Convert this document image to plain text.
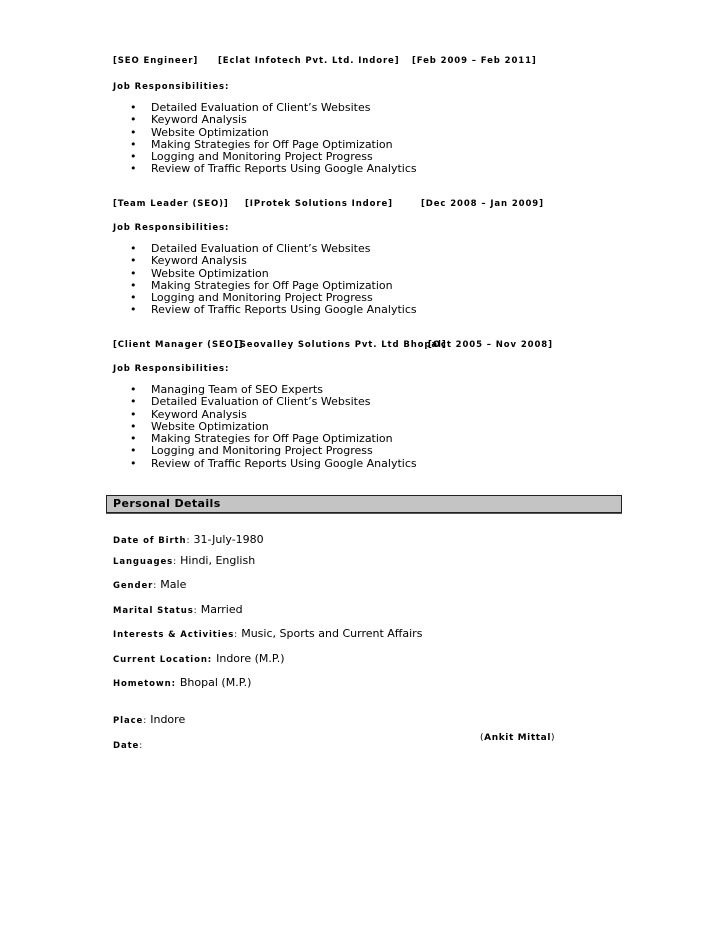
[SEO Engineer] [Eclat Infotech Pvt. Ltd. Indore] [Feb 2009 – Feb 2011]
Job Responsibilities:
• Detailed Evaluation of Client’s Websites
• Keyword Analysis
• Website Optimization
• Making Strategies for Off Page Optimization
• Logging and Monitoring Project Progress
• Review of Traffic Reports Using Google Analytics
[Team Leader (SEO)] [IProtek Solutions Indore]	[Dec 2008 – Jan 2009]
Job Responsibilities:
• Detailed Evaluation of Client’s Websites
• Keyword Analysis
• Website Optimization
• Making Strategies for Off Page Optimization
• Logging and Monitoring Project Progress
• Review of Traffic Reports Using Google Analytics
[Client Manager (SEO)]
[Seovalley Solutions Pvt. Ltd Bhopal]
[Oct 2005 – Nov 2008]
Job Responsibilities:
• Managing Team of SEO Experts
• Detailed Evaluation of Client’s Websites
• Keyword Analysis
• Website Optimization
• Making Strategies for Off Page Optimization
• Logging and Monitoring Project Progress
• Review of Traffic Reports Using Google Analytics
Personal Details
Date of Birth: 31-July-1980
Languages: Hindi, English
Gender: Male
Marital Status: Married
Interests & Activities: Music, Sports and Current Affairs
Current Location: Indore (M.P.)
Hometown: Bhopal (M.P.)
Place: Indore
Date:
(Ankit Mittal)
